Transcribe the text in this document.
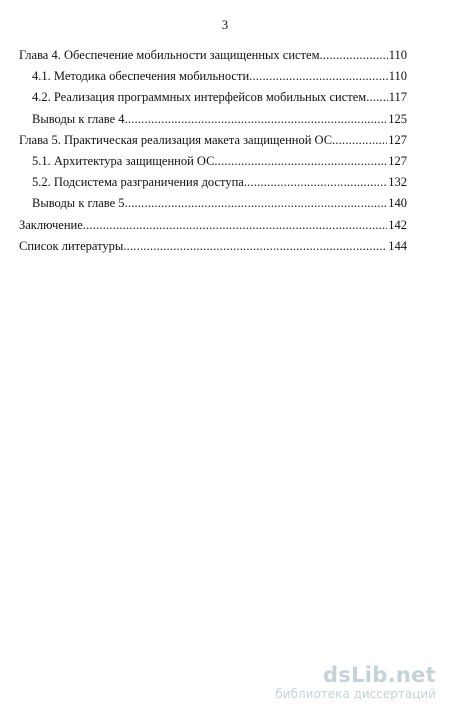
3
Глава 4. Обеспечение мобильности защищенных систем .....	110
4.1. Методика обеспечения мобильности .....	110
4.2. Реализация программных интерфейсов мобильных систем ..... 117
Выводы к главе 4 .....	125
Глава 5. Практическая реализация макета защищенной ОС .....	127
5.1. Архитектура защищенной ОС .....	127
5.2. Подсистема разграничения доступа .....	132
Выводы к главе 5 .....	140
Заключение .....	142
Список литературы .....	144
dsLib.net
библиотека диссертаций
